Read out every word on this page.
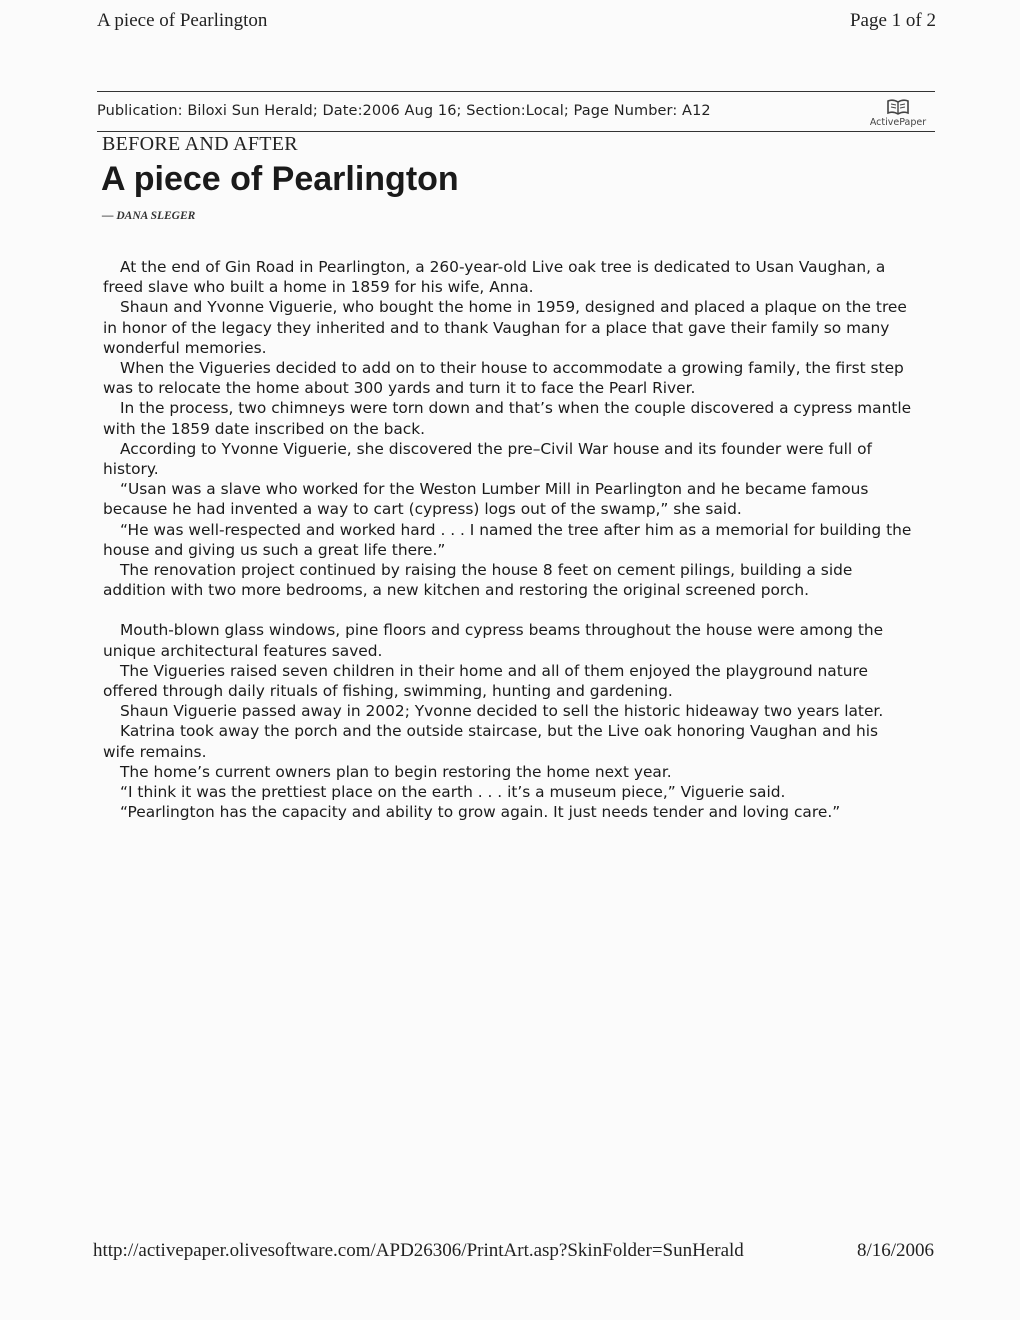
A piece of Pearlington	Page 1 of 2
Publication: Biloxi Sun Herald; Date:2006 Aug 16; Section:Local; Page Number: A12
ActivePaper
BEFORE AND AFTER
A piece of Pearlington
— DANA SLEGER

At the end of Gin Road in Pearlington, a 260-year-old Live oak tree is dedicated to Usan Vaughan, a freed slave who built a home in 1859 for his wife, Anna.

Shaun and Yvonne Viguerie, who bought the home in 1959, designed and placed a plaque on the tree in honor of the legacy they inherited and to thank Vaughan for a place that gave their family so many wonderful memories.

When the Vigueries decided to add on to their house to accommodate a growing family, the first step was to relocate the home about 300 yards and turn it to face the Pearl River.

In the process, two chimneys were torn down and that’s when the couple discovered a cypress mantle with the 1859 date inscribed on the back.

According to Yvonne Viguerie, she discovered the pre–Civil War house and its founder were full of history.

“Usan was a slave who worked for the Weston Lumber Mill in Pearlington and he became famous because he had invented a way to cart (cypress) logs out of the swamp,” she said.

“He was well-respected and worked hard . . . I named the tree after him as a memorial for building the house and giving us such a great life there.”

The renovation project continued by raising the house 8 feet on cement pilings, building a side addition with two more bedrooms, a new kitchen and restoring the original screened porch.

Mouth-blown glass windows, pine floors and cypress beams throughout the house were among the unique architectural features saved.

The Vigueries raised seven children in their home and all of them enjoyed the playground nature offered through daily rituals of fishing, swimming, hunting and gardening.

Shaun Viguerie passed away in 2002; Yvonne decided to sell the historic hideaway two years later.

Katrina took away the porch and the outside staircase, but the Live oak honoring Vaughan and his wife remains.

The home’s current owners plan to begin restoring the home next year.

“I think it was the prettiest place on the earth . . . it’s a museum piece,” Viguerie said.

“Pearlington has the capacity and ability to grow again. It just needs tender and loving care.”

http://activepaper.olivesoftware.com/APD26306/PrintArt.asp?SkinFolder=SunHerald	8/16/2006
